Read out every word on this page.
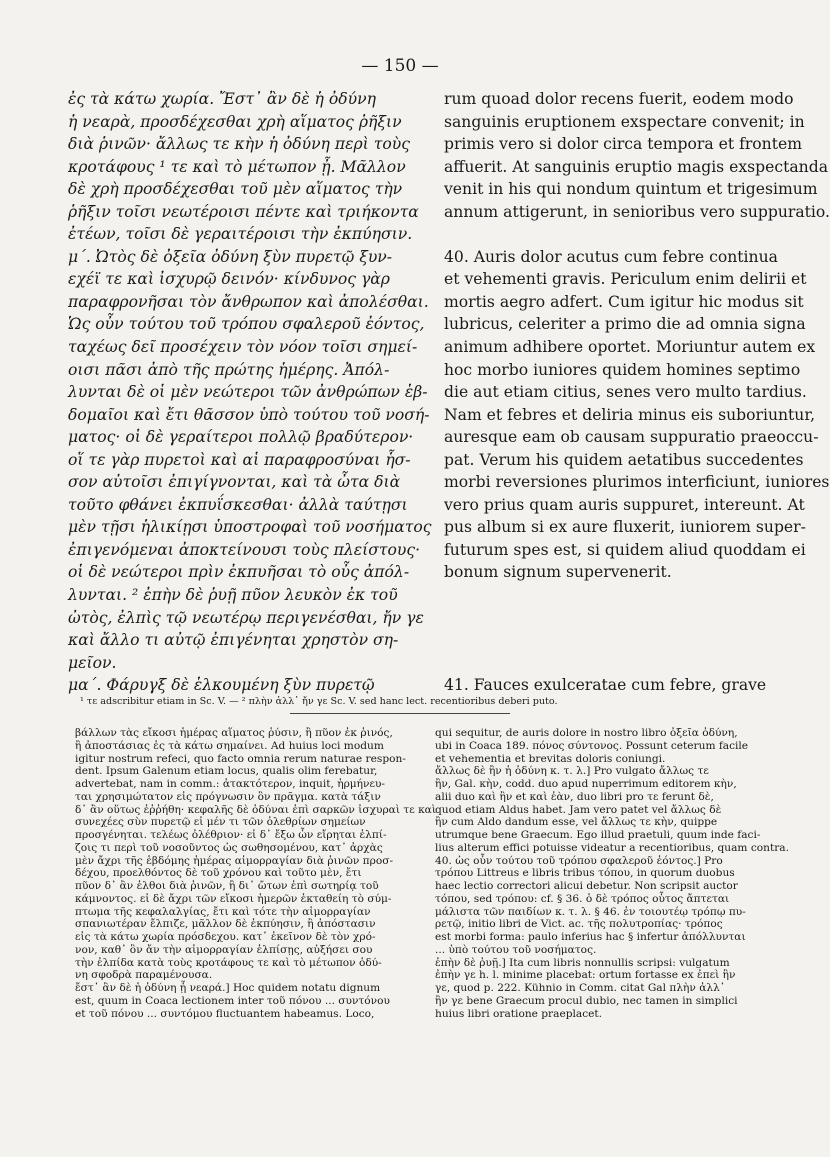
— 150 —
ἐς τὰ κάτω χωρία. Ἔστ᾽ ἂν δὲ ἡ ὀδύνη
ἡ νεαρὰ, προσδέχεσθαι χρὴ αἵματος ῥῆξιν
διὰ ῥινῶν· ἄλλως τε κὴν ἡ ὀδύνη περὶ τοὺς
κροτάφους ¹ τε καὶ τὸ μέτωπον ᾖ. Μᾶλλον
δὲ χρὴ προσδέχεσθαι τοῦ μὲν αἵματος τὴν
ῥῆξιν τοῖσι νεωτέροισι πέντε καὶ τριήκοντα
ἐτέων, τοῖσι δὲ γεραιτέροισι τὴν ἐκπύησιν.
μ΄. Ὠτὸς δὲ ὀξεῖα ὀδύνη ξὺν πυρετῷ ξυν-
εχέϊ τε καὶ ἰσχυρῷ δεινόν· κίνδυνος γὰρ
παραφρονῆσαι τὸν ἄνθρωπον καὶ ἀπολέσθαι.
Ὡς οὖν τούτου τοῦ τρόπου σφαλεροῦ ἐόντος,
ταχέως δεῖ προσέχειν τὸν νόον τοῖσι σημεί-
οισι πᾶσι ἀπὸ τῆς πρώτης ἡμέρης. Ἀπόλ-
λυνται δὲ οἱ μὲν νεώτεροι τῶν ἀνθρώπων ἑβ-
δομαῖοι καὶ ἔτι θᾶσσον ὑπὸ τούτου τοῦ νοσή-
ματος· οἱ δὲ γεραίτεροι πολλῷ βραδύτερον·
οἵ τε γὰρ πυρετοὶ καὶ αἱ παραφροσύναι ἧσ-
σον αὐτοῖσι ἐπιγίγνονται, καὶ τὰ ὦτα διὰ
τοῦτο φθάνει ἐκπυΐσκεσθαι· ἀλλὰ ταύτῃσι
μὲν τῇσι ἡλικίῃσι ὑποστροφαὶ τοῦ νοσήματος
ἐπιγενόμεναι ἀποκτείνουσι τοὺς πλείστους·
οἱ δὲ νεώτεροι πρὶν ἐκπυῆσαι τὸ οὖς ἀπόλ-
λυνται. ² ἐπὴν δὲ ῥυῇ πῦον λευκὸν ἐκ τοῦ
ὠτὸς, ἐλπὶς τῷ νεωτέρῳ περιγενέσθαι, ἤν γε
καὶ ἄλλο τι αὐτῷ ἐπιγένηται χρηστὸν ση-
μεῖον.
μα΄. Φάρυγξ δὲ ἑλκουμένη ξὺν πυρετῷ
rum quoad dolor recens fuerit, eodem modo
sanguinis eruptionem exspectare convenit; in
primis vero si dolor circa tempora et frontem
affuerit. At sanguinis eruptio magis exspectanda
venit in his qui nondum quintum et trigesimum
annum attigerunt, in senioribus vero suppuratio.
40. Auris dolor acutus cum febre continua
et vehementi gravis. Periculum enim delirii et
mortis aegro adfert. Cum igitur hic modus sit
lubricus, celeriter a primo die ad omnia signa
animum adhibere oportet. Moriuntur autem ex
hoc morbo iuniores quidem homines septimo
die aut etiam citius, senes vero multo tardius.
Nam et febres et deliria minus eis suboriuntur,
auresque eam ob causam suppuratio praeoccu-
pat. Verum his quidem aetatibus succedentes
morbi reversiones plurimos interficiunt, iuniores
vero prius quam auris suppuret, intereunt. At
pus album si ex aure fluxerit, iuniorem super-
futurum spes est, si quidem aliud quoddam ei
bonum signum supervenerit.
41. Fauces exulceratae cum febre, grave
¹ τε adscribitur etiam in Sc. V. — ² πλὴν ἀλλ᾽ ἤν γε Sc. V. sed hanc lect. recentioribus deberi puto.
βάλλων τὰς εἴκοσι ἡμέρας αἵματος ῥύσιν, ἢ πῦον ἐκ ῥινός,
ἢ ἀποστάσιας ἐς τὰ κάτω σημαίνει. Ad huius loci modum
igitur nostrum refeci, quo facto omnia rerum naturae respon-
dent. Ipsum Galenum etiam locus, qualis olim ferebatur,
advertebat, nam in comm.: ἀτακτότερον, inquit, ἡρμήνευ-
ται χρησιμώτατον εἰς πρόγνωσιν ὂν πρᾶγμα. κατὰ τάξιν
δ᾽ ἂν οὕτως ἐῤῥήθη· κεφαλῆς δὲ ὀδύναι ἐπὶ σαρκῶν ἰσχυραὶ τε καὶ
συνεχέες σὺν πυρετῷ εἰ μέν τι τῶν ὀλεθρίων σημείων
προσγένηται. τελέως ὀλέθριον· εἰ δ᾽ ἔξω ὧν εἴρηται ἐλπί-
ζοις τι περὶ τοῦ νοσοῦντος ὡς σωθησομένου, κατ᾽ ἀρχὰς
μὲν ἄχρι τῆς ἑβδόμης ἡμέρας αἱμορραγίαν διὰ ῥινῶν προσ-
δέχου, προελθόντος δὲ τοῦ χρόνου καὶ τοῦτο μὲν, ἔτι
πῦον δ᾽ ἂν ἐλθοι διὰ ῥινῶν, ἢ δι᾽ ὤτων ἐπὶ σωτηρίᾳ τοῦ
κάμνοντος. εἰ δὲ ἄχρι τῶν εἴκοσι ἡμερῶν ἐκταθείη τὸ σύμ-
πτωμα τῆς κεφαλαλγίας, ἔτι καὶ τότε τὴν αἱμορραγίαν
σπανιωτέραν ἔλπιζε, μᾶλλον δὲ ἐκπύησιν, ἢ ἀπόστασιν
εἰς τὰ κάτω χωρία πρόσδεχου. κατ᾽ ἐκεῖνον δὲ τὸν χρό-
νον, καθ᾽ ὃν ἄν τὴν αἱμορραγίαν ἐλπίσῃς, αὐξήσει σου
τὴν ἐλπίδα κατὰ τοὺς κροτάφους τε καὶ τὸ μέτωπον ὀδύ-
νη σφοδρὰ παραμένουσα.
ἔστ᾽ ἂν δὲ ἡ ὀδύνη ᾖ νεαρά.] Hoc quidem notatu dignum
est, quum in Coaca lectionem inter τοῦ πόνου ... συντόνου
et τοῦ πόνου ... συντόμου fluctuantem habeamus. Loco,
qui sequitur, de auris dolore in nostro libro ὀξεῖα ὀδύνη,
ubi in Coaca 189. πόνος σύντονος. Possunt ceterum facile
et vehementia et brevitas doloris coniungi.
ἄλλως δὲ ἢν ἡ ὀδύνη κ. τ. λ.] Pro vulgato ἄλλως τε
ἢν, Gal. κὴν, codd. duo apud nuperrimum editorem κὴν,
alii duo καὶ ἢν et καὶ ἐὰν, duo libri pro τε ferunt δὲ,
quod etiam Aldus habet. Jam vero patet vel ἄλλως δὲ
ἢν cum Aldo dandum esse, vel ἄλλως τε κὴν, quippe
utrumque bene Graecum. Ego illud praetuli, quum inde faci-
lius alterum effici potuisse videatur a recentioribus, quam contra.
40. ὡς οὖν τούτου τοῦ τρόπου σφαλεροῦ ἐόντος.] Pro
τρόπου Littreus e libris tribus τόπου, in quorum duobus
haec lectio correctori alicui debetur. Non scripsit auctor
τόπου, sed τρόπου: cf. § 36. ὁ δὲ τρόπος οὗτος ἄπτεται
μάλιστα τῶν παιδίων κ. τ. λ. § 46. ἐν τοιουτέῳ τρόπῳ πυ-
ρετῷ, initio libri de Vict. ac. τῆς πολυτροπίας· τρόπος
est morbi forma: paulo inferius hac § infertur ἀπόλλυνται
... ὑπὸ τούτου τοῦ νοσήματος.
ἐπὴν δὲ ῥυῇ.] Ita cum libris nonnullis scripsi: vulgatum
ἐπὴν γε h. l. minime placebat: ortum fortasse ex ἐπεὶ ἢν
γε, quod p. 222. Kühnio in Comm. citat Gal πλὴν ἀλλ᾽
ἢν γε bene Graecum procul dubio, nec tamen in simplici
huius libri oratione praeplacet.
